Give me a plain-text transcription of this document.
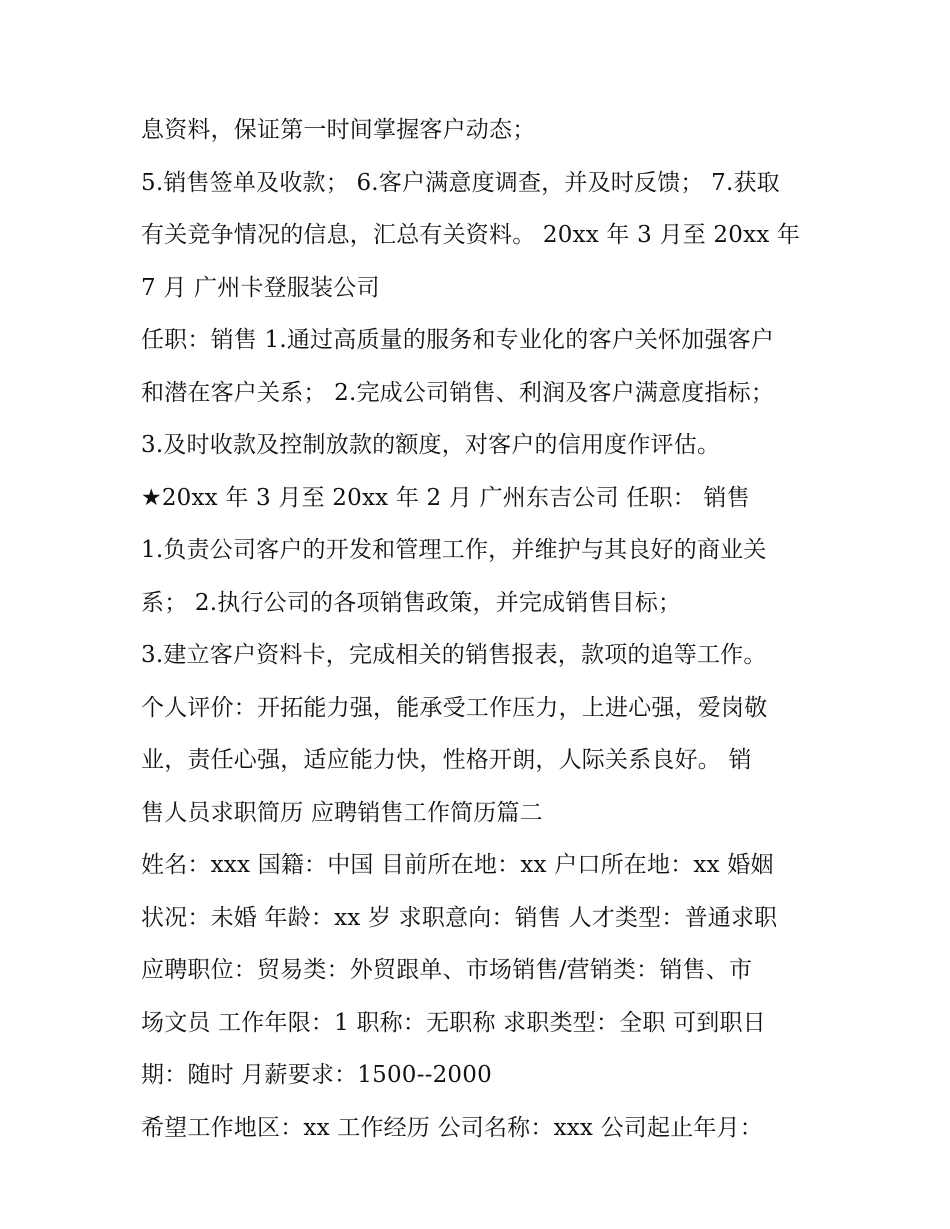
息资料，保证第一时间掌握客户动态；
5.销售签单及收款； 6.客户满意度调查，并及时反馈； 7.获取
有关竞争情况的信息，汇总有关资料。 20xx 年 3 月至 20xx 年
7 月 广州卡登服装公司
任职：销售 1.通过高质量的服务和专业化的客户关怀加强客户
和潜在客户关系； 2.完成公司销售、利润及客户满意度指标；
3.及时收款及控制放款的额度，对客户的信用度作评估。
★20xx 年 3 月至 20xx 年 2 月 广州东吉公司 任职： 销售
1.负责公司客户的开发和管理工作，并维护与其良好的商业关
系； 2.执行公司的各项销售政策，并完成销售目标；
3.建立客户资料卡，完成相关的销售报表，款项的追等工作。
个人评价：开拓能力强，能承受工作压力，上进心强，爱岗敬
业，责任心强，适应能力快，性格开朗，人际关系良好。 销
售人员求职简历 应聘销售工作简历篇二
姓名：xxx 国籍：中国 目前所在地：xx 户口所在地：xx 婚姻
状况：未婚 年龄：xx 岁 求职意向：销售 人才类型：普通求职
应聘职位：贸易类：外贸跟单、市场销售/营销类：销售、市
场文员 工作年限：1 职称：无职称 求职类型：全职 可到职日
期：随时 月薪要求：1500--2000
希望工作地区：xx 工作经历 公司名称：xxx 公司起止年月：
